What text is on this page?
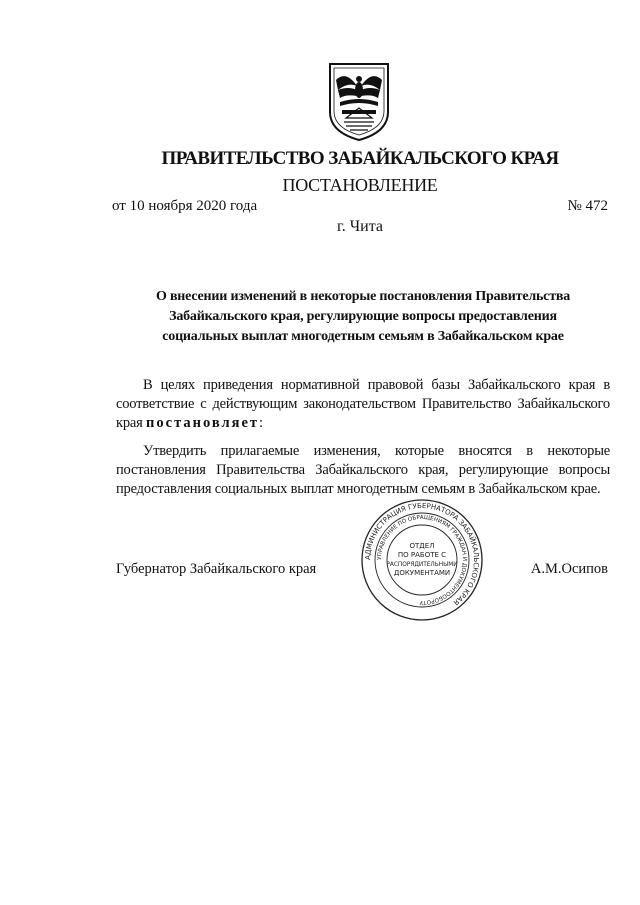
ПРАВИТЕЛЬСТВО ЗАБАЙКАЛЬСКОГО КРАЯ
ПОСТАНОВЛЕНИЕ
от 10 ноября 2020 года	№ 472
г. Чита
О внесении изменений в некоторые постановления Правительства
Забайкальского края, регулирующие вопросы предоставления
социальных выплат многодетным семьям в Забайкальском крае
В целях приведения нормативной правовой базы Забайкальского края в соответствие с действующим законодательством Правительство Забайкальского края постановляет:
Утвердить прилагаемые изменения, которые вносятся в некоторые постановления Правительства Забайкальского края, регулирующие вопросы предоставления социальных выплат многодетным семьям в Забайкальском крае.
Губернатор Забайкальского края	А.М.Осипов
АДМИНИСТРАЦИЯ ГУБЕРНАТОРА ЗАБАЙКАЛЬСКОГО КРАЯ
УПРАВЛЕНИЕ ПО ОБРАЩЕНИЯМ ГРАЖДАН И ДОКУМЕНТООБОРОТУ
ОТДЕЛ
ПО РАБОТЕ С
РАСПОРЯДИТЕЛЬНЫМИ
ДОКУМЕНТАМИ
